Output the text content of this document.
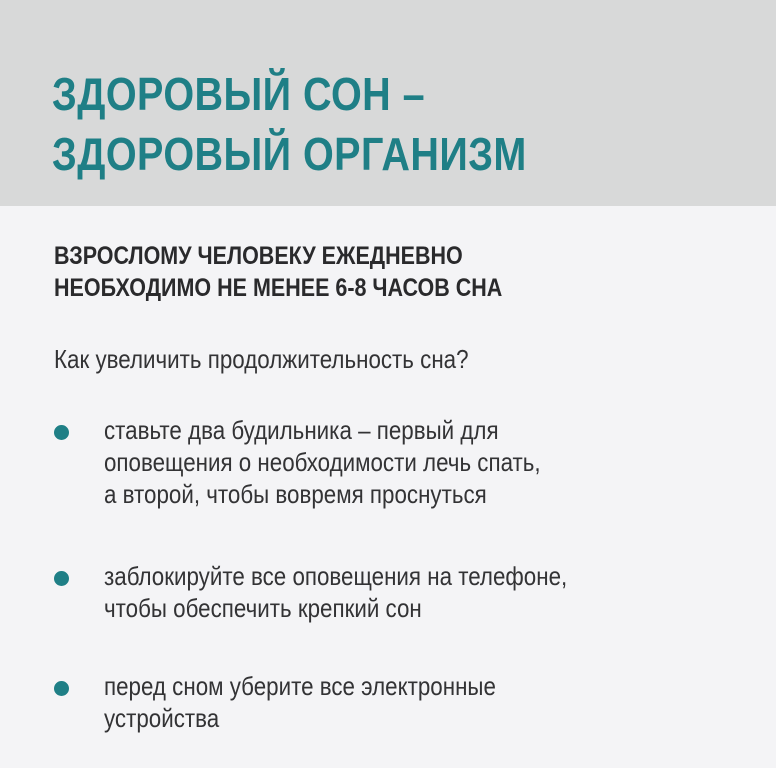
ЗДОРОВЫЙ СОН –
ЗДОРОВЫЙ ОРГАНИЗМ
ВЗРОСЛОМУ ЧЕЛОВЕКУ ЕЖЕДНЕВНО
НЕОБХОДИМО НЕ МЕНЕЕ 6-8 ЧАСОВ СНА

Как увеличить продолжительность сна?

ставьте два будильника – первый для
оповещения о необходимости лечь спать,
а второй, чтобы вовремя проснуться

заблокируйте все оповещения на телефоне,
чтобы обеспечить крепкий сон

перед сном уберите все электронные
устройства
